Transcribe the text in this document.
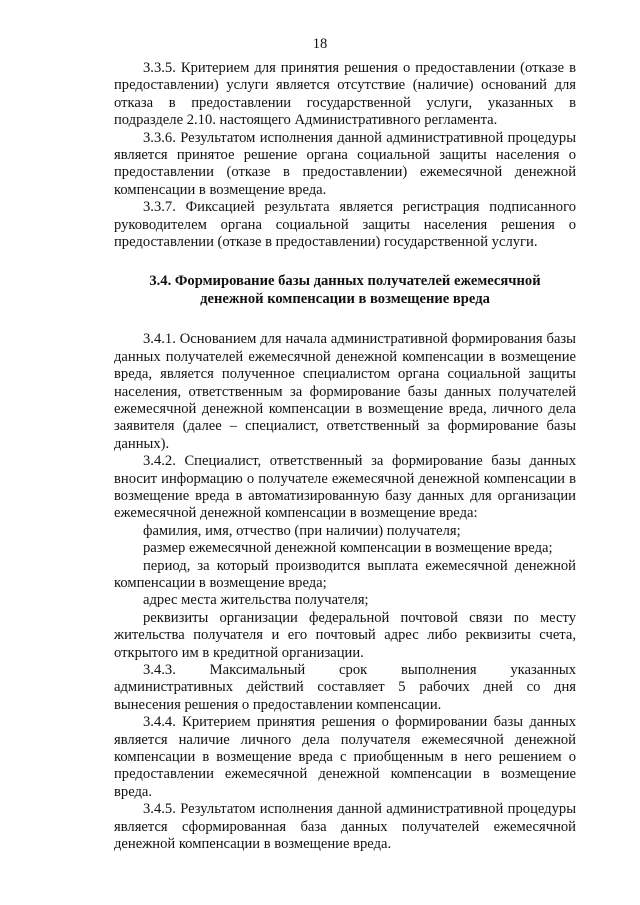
18

3.3.5. Критерием для принятия решения о предоставлении (отказе в предоставлении) услуги является отсутствие (наличие) оснований для отказа в предоставлении государственной услуги, указанных в подразделе 2.10. настоящего Административного регламента.

3.3.6. Результатом исполнения данной административной процедуры является принятое решение органа социальной защиты населения о предоставлении (отказе в предоставлении) ежемесячной денежной компенсации в возмещение вреда.

3.3.7. Фиксацией результата является регистрация подписанного руководителем органа социальной защиты населения решения о предоставлении (отказе в предоставлении) государственной услуги.

3.4. Формирование базы данных получателей ежемесячной денежной компенсации в возмещение вреда

3.4.1. Основанием для начала административной формирования базы данных получателей ежемесячной денежной компенсации в возмещение вреда, является полученное специалистом органа социальной защиты населения, ответственным за формирование базы данных получателей ежемесячной денежной компенсации в возмещение вреда, личного дела заявителя (далее – специалист, ответственный за формирование базы данных).

3.4.2. Специалист, ответственный за формирование базы данных вносит информацию о получателе ежемесячной денежной компенсации в возмещение вреда в автоматизированную базу данных для организации ежемесячной денежной компенсации в возмещение вреда:

фамилия, имя, отчество (при наличии) получателя;

размер ежемесячной денежной компенсации в возмещение вреда;

период, за который производится выплата ежемесячной денежной компенсации в возмещение вреда;

адрес места жительства получателя;

реквизиты организации федеральной почтовой связи по месту жительства получателя и его почтовый адрес либо реквизиты счета, открытого им в кредитной организации.

3.4.3. Максимальный срок выполнения указанных административных действий составляет 5 рабочих дней со дня вынесения решения о предоставлении компенсации.

3.4.4. Критерием принятия решения о формировании базы данных является наличие личного дела получателя ежемесячной денежной компенсации в возмещение вреда с приобщенным в него решением о предоставлении ежемесячной денежной компенсации в возмещение вреда.

3.4.5. Результатом исполнения данной административной процедуры является сформированная база данных получателей ежемесячной денежной компенсации в возмещение вреда.
